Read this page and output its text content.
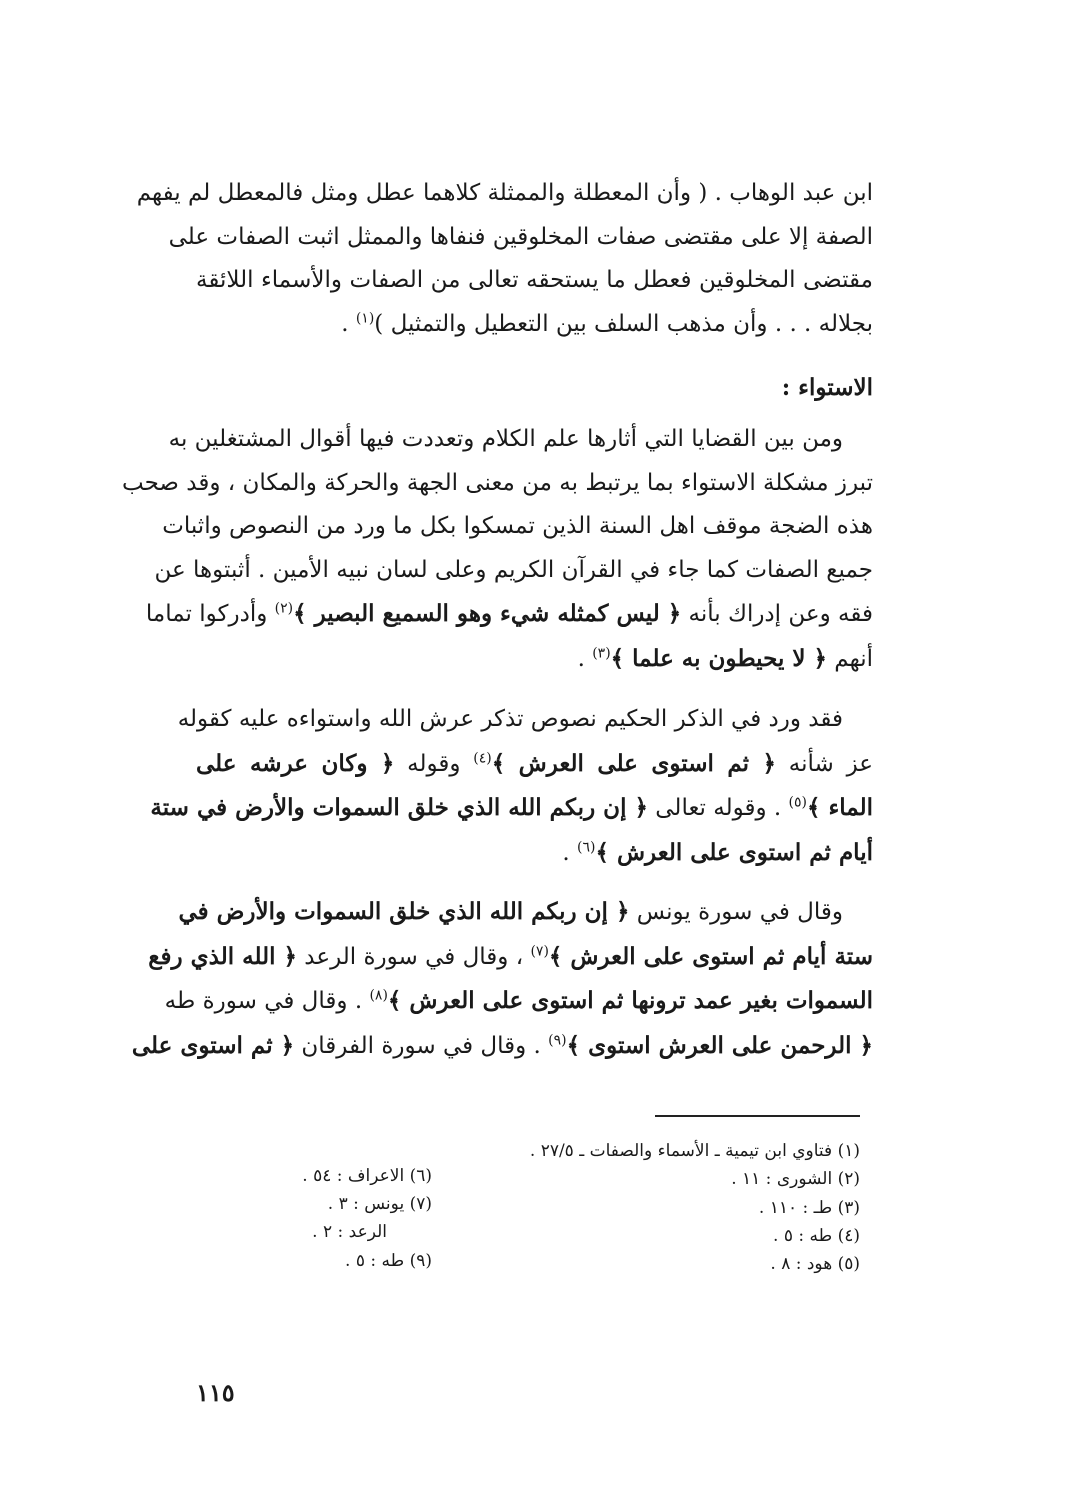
ابن عبد الوهاب . ( وأن المعطلة والممثلة كلاهما عطل ومثل فالمعطل لم يفهم
الصفة إلا على مقتضى صفات المخلوقين فنفاها والممثل اثبت الصفات على
مقتضى المخلوقين فعطل ما يستحقه تعالى من الصفات والأسماء اللائقة
بجلاله . . . وأن مذهب السلف بين التعطيل والتمثيل )$^{(١)}$ .
الاستواء :
ومن بين القضايا التي أثارها علم الكلام وتعددت فيها أقوال المشتغلين به
تبرز مشكلة الاستواء بما يرتبط به من معنى الجهة والحركة والمكان ، وقد صحب
هذه الضجة موقف اهل السنة الذين تمسكوا بكل ما ورد من النصوص واثبات
جميع الصفات كما جاء في القرآن الكريم وعلى لسان نبيه الأمين . أثبتوها عن
فقه وعن إدراك بأنه ﴿ ليس كمثله شيء وهو السميع البصير ﴾$^{(٢)}$ وأدركوا تماما
أنهم ﴿ لا يحيطون به علما ﴾$^{(٣)}$ .
فقد ورد في الذكر الحكيم نصوص تذكر عرش الله واستواءه عليه كقوله
عز شأنه ﴿ ثم استوى على العرش ﴾$^{(٤)}$ وقوله ﴿ وكان عرشه على
الماء ﴾$^{(٥)}$ . وقوله تعالى ﴿ إن ربكم الله الذي خلق السموات والأرض في ستة
أيام ثم استوى على العرش ﴾$^{(٦)}$ .
وقال في سورة يونس ﴿ إن ربكم الله الذي خلق السموات والأرض في
ستة أيام ثم استوى على العرش ﴾$^{(٧)}$ ، وقال في سورة الرعد ﴿ الله الذي رفع
السموات بغير عمد ترونها ثم استوى على العرش ﴾$^{(٨)}$ . وقال في سورة طه
﴿ الرحمن على العرش استوى ﴾$^{(٩)}$ . وقال في سورة الفرقان ﴿ ثم استوى على
(١) فتاوي ابن تيمية ـ الأسماء والصفات ـ ٢٧/٥ .
(٢) الشورى : ١١ .
(٣) طـ : ١١٠ .
(٤) طه : ٥ .
(٥) هود : ٨ .
(٦) الاعراف : ٥٤ .
(٧) يونس : ٣ .
الرعد : ٢ .
(٩) طه : ٥ .
١١٥
